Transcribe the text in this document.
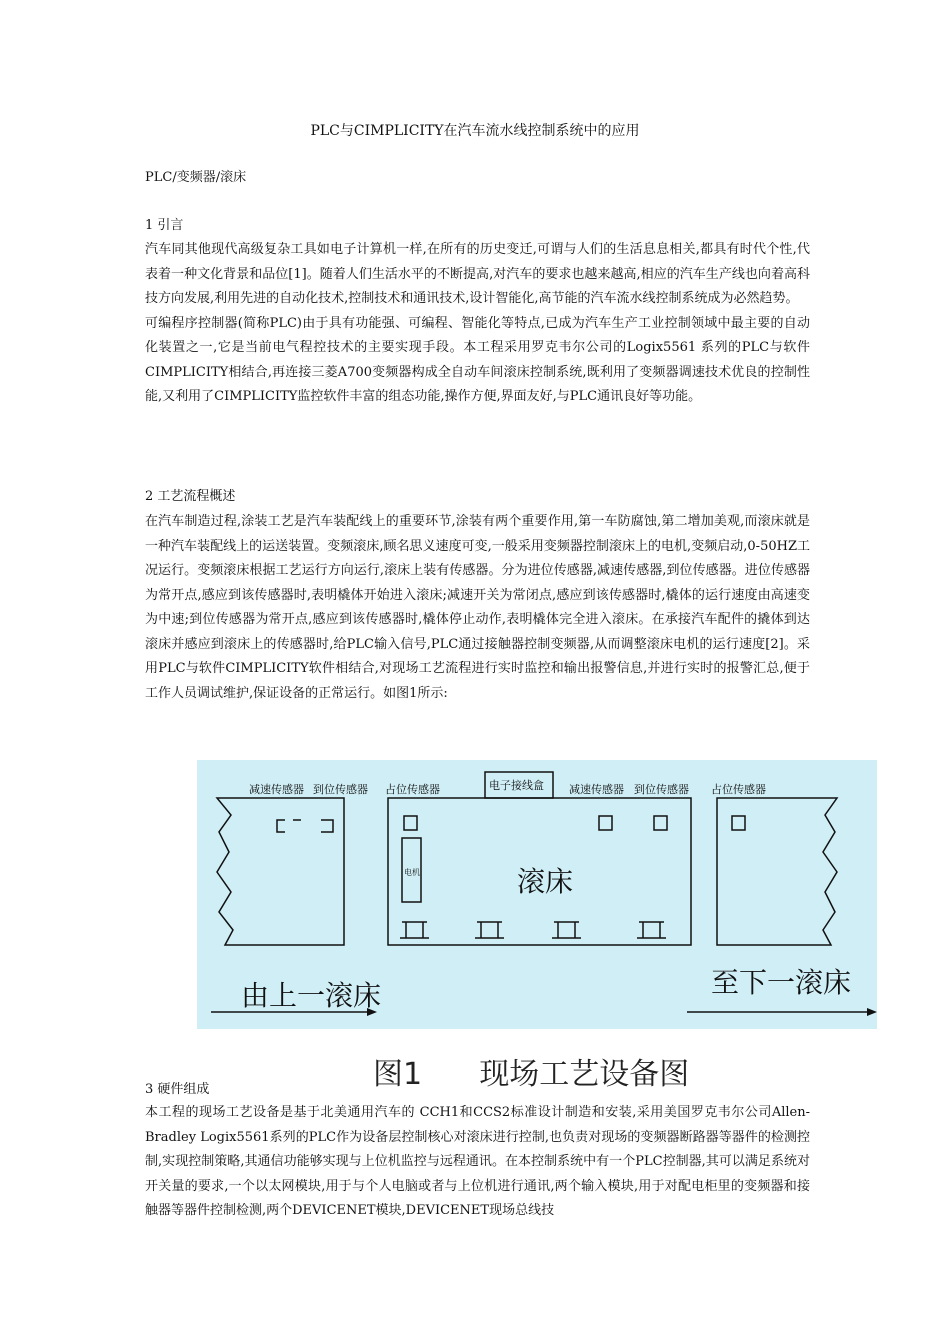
PLC与CIMPLICITY在汽车流水线控制系统中的应用
PLC/变频器/滚床
1 引言

汽车同其他现代高级复杂工具如电子计算机一样,在所有的历史变迁,可谓与人们的生活息息相关,都具有时代个性,代表着一种文化背景和品位[1]。随着人们生活水平的不断提高,对汽车的要求也越来越高,相应的汽车生产线也向着高科技方向发展,利用先进的自动化技术,控制技术和通讯技术,设计智能化,高节能的汽车流水线控制系统成为必然趋势。

可编程序控制器(简称PLC)由于具有功能强、可编程、智能化等特点,已成为汽车生产工业控制领域中最主要的自动化装置之一,它是当前电气程控技术的主要实现手段。本工程采用罗克韦尔公司的Logix5561 系列的PLC与软件CIMPLICITY相结合,再连接三菱A700变频器构成全自动车间滚床控制系统,既利用了变频器调速技术优良的控制性能,又利用了CIMPLICITY监控软件丰富的组态功能,操作方便,界面友好,与PLC通讯良好等功能。

2 工艺流程概述

在汽车制造过程,涂装工艺是汽车装配线上的重要环节,涂装有两个重要作用,第一车防腐蚀,第二增加美观,而滚床就是一种汽车装配线上的运送装置。变频滚床,顾名思义速度可变,一般采用变频器控制滚床上的电机,变频启动,0-50HZ工况运行。变频滚床根据工艺运行方向运行,滚床上装有传感器。分为进位传感器,减速传感器,到位传感器。进位传感器为常开点,感应到该传感器时,表明橇体开始进入滚床;减速开关为常闭点,感应到该传感器时,橇体的运行速度由高速变为中速;到位传感器为常开点,感应到该传感器时,橇体停止动作,表明橇体完全进入滚床。在承接汽车配件的撬体到达滚床并感应到滚床上的传感器时,给PLC输入信号,PLC通过接触器控制变频器,从而调整滚床电机的运行速度[2]。采用PLC与软件CIMPLICITY软件相结合,对现场工艺流程进行实时监控和输出报警信息,并进行实时的报警汇总,便于工作人员调试维护,保证设备的正常运行。如图1所示:

减速传感器 到位传感器 占位传感器	电子接线盒 减速传感器 到位传感器 占位传感器
电机	滚床
由上一滚床	至下一滚床
图1 现场工艺设备图
3 硬件组成

本工程的现场工艺设备是基于北美通用汽车的 CCH1和CCS2标准设计制造和安装,采用美国罗克韦尔公司Allen-Bradley Logix5561系列的PLC作为设备层控制核心对滚床进行控制,也负责对现场的变频器断路器等器件的检测控制,实现控制策略,其通信功能够实现与上位机监控与远程通讯。在本控制系统中有一个PLC控制器,其可以满足系统对开关量的要求,一个以太网模块,用于与个人电脑或者与上位机进行通讯,两个输入模块,用于对配电柜里的变频器和接触器等器件控制检测,两个DEVICENET模块,DEVICENET现场总线技
